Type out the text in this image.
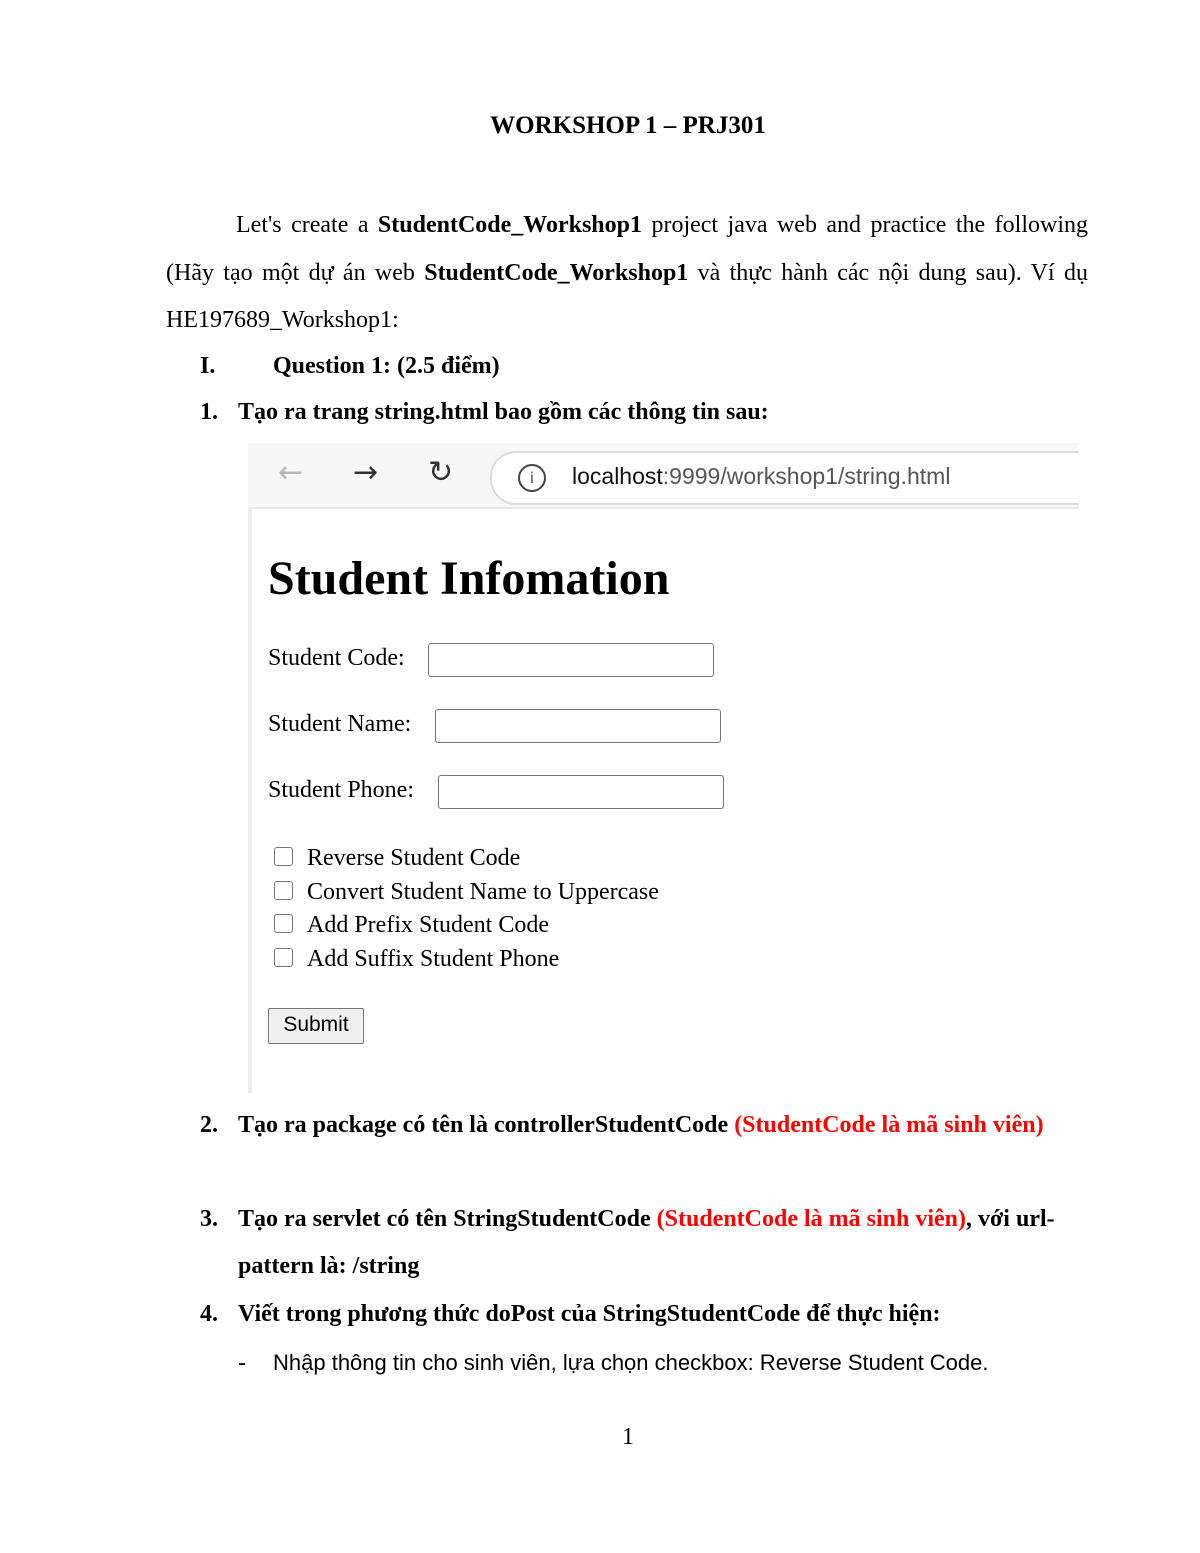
WORKSHOP 1 – PRJ301
Let's create a StudentCode_Workshop1 project java web and practice the following (Hãy tạo một dự án web StudentCode_Workshop1 và thực hành các nội dung sau). Ví dụ HE197689_Workshop1:
I. Question 1: (2.5 điểm)
1. Tạo ra trang string.html bao gồm các thông tin sau:
← → ↻	i	localhost:9999/workshop1/string.html
Student Infomation
Student Code:
Student Name:
Student Phone:
Reverse Student Code
Convert Student Name to Uppercase
Add Prefix Student Code
Add Suffix Student Phone
Submit
2. Tạo ra package có tên là controllerStudentCode (StudentCode là mã sinh viên)
3. Tạo ra servlet có tên StringStudentCode (StudentCode là mã sinh viên), với url-pattern là: /string
4. Viết trong phương thức doPost của StringStudentCode để thực hiện:
- Nhập thông tin cho sinh viên, lựa chọn checkbox: Reverse Student Code.
1
